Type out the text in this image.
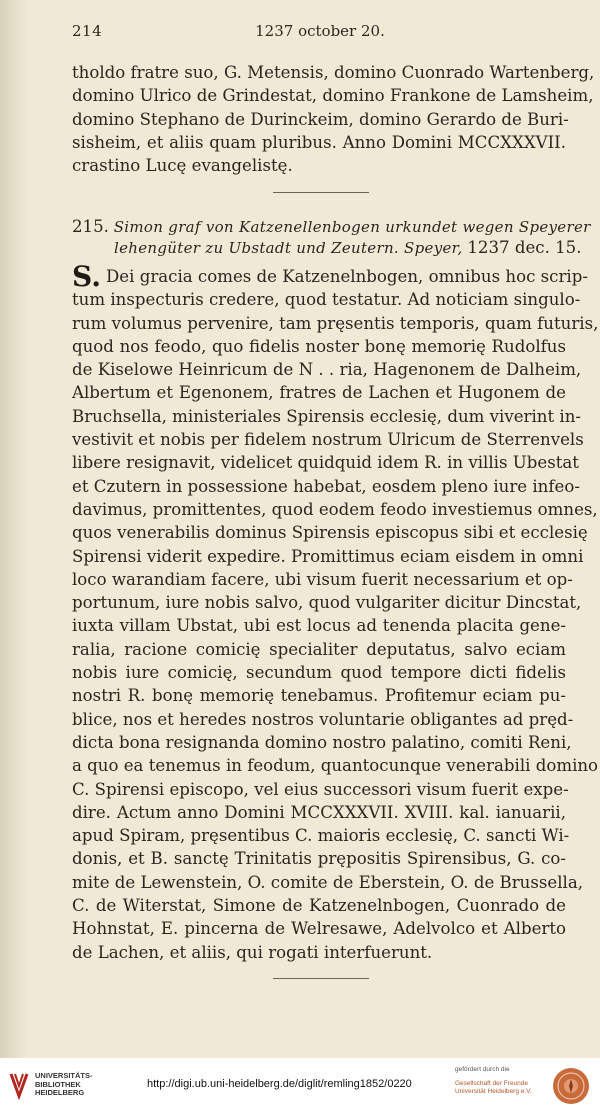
214	1237 october 20.
tholdo fratre suo, G. Metensis, domino Cuonrado Wartenberg,
domino Ulrico de Grindestat, domino Frankone de Lamsheim,
domino Stephano de Durinckeim, domino Gerardo de Buri-
sisheim, et aliis quam pluribus. Anno Domini MCCXXXVII.
crastino Lucę evangelistę.
215. Simon graf von Katzenellenbogen urkundet wegen Speyerer
lehengüter zu Ubstadt und Zeutern. Speyer, 1237 dec. 15.
S. Dei gracia comes de Katzenelnbogen, omnibus hoc scrip-
tum inspecturis credere, quod testatur. Ad noticiam singulo-
rum volumus pervenire, tam pręsentis temporis, quam futuris,
quod nos feodo, quo fidelis noster bonę memorię Rudolfus
de Kiselowe Heinricum de N . . ria, Hagenonem de Dalheim,
Albertum et Egenonem, fratres de Lachen et Hugonem de
Bruchsella, ministeriales Spirensis ecclesię, dum viverint in-
vestivit et nobis per fidelem nostrum Ulricum de Sterrenvels
libere resignavit, videlicet quidquid idem R. in villis Ubestat
et Czutern in possessione habebat, eosdem pleno iure infeo-
davimus, promittentes, quod eodem feodo investiemus omnes,
quos venerabilis dominus Spirensis episcopus sibi et ecclesię
Spirensi viderit expedire. Promittimus eciam eisdem in omni
loco warandiam facere, ubi visum fuerit necessarium et op-
portunum, iure nobis salvo, quod vulgariter dicitur Dincstat,
iuxta villam Ubstat, ubi est locus ad tenenda placita gene-
ralia, racione comicię specialiter deputatus, salvo eciam
nobis iure comicię, secundum quod tempore dicti fidelis
nostri R. bonę memorię tenebamus. Profitemur eciam pu-
blice, nos et heredes nostros voluntarie obligantes ad pręd-
dicta bona resignanda domino nostro palatino, comiti Reni,
a quo ea tenemus in feodum, quantocunque venerabili domino
C. Spirensi episcopo, vel eius successori visum fuerit expe-
dire. Actum anno Domini MCCXXXVII. XVIII. kal. ianuarii,
apud Spiram, pręsentibus C. maioris ecclesię, C. sancti Wi-
donis, et B. sanctę Trinitatis pręposi​tis Spirensibus, G. co-
mite de Lewenstein, O. comite de Eberstein, O. de Brussella,
C. de Witerstat, Simone de Katzenelnbogen, Cuonrado de
Hohnstat, E. pincerna de Welresawe, Adelvolco et Alberto
de Lachen, et aliis, qui rogati interfuerunt.
UNIVERSITÄTS-
BIBLIOTHEK
HEIDELBERG
http://digi.ub.uni-heidelberg.de/diglit/remling1852/0220
gefördert durch die
Gesellschaft der Freunde
Universität Heidelberg e.V.
